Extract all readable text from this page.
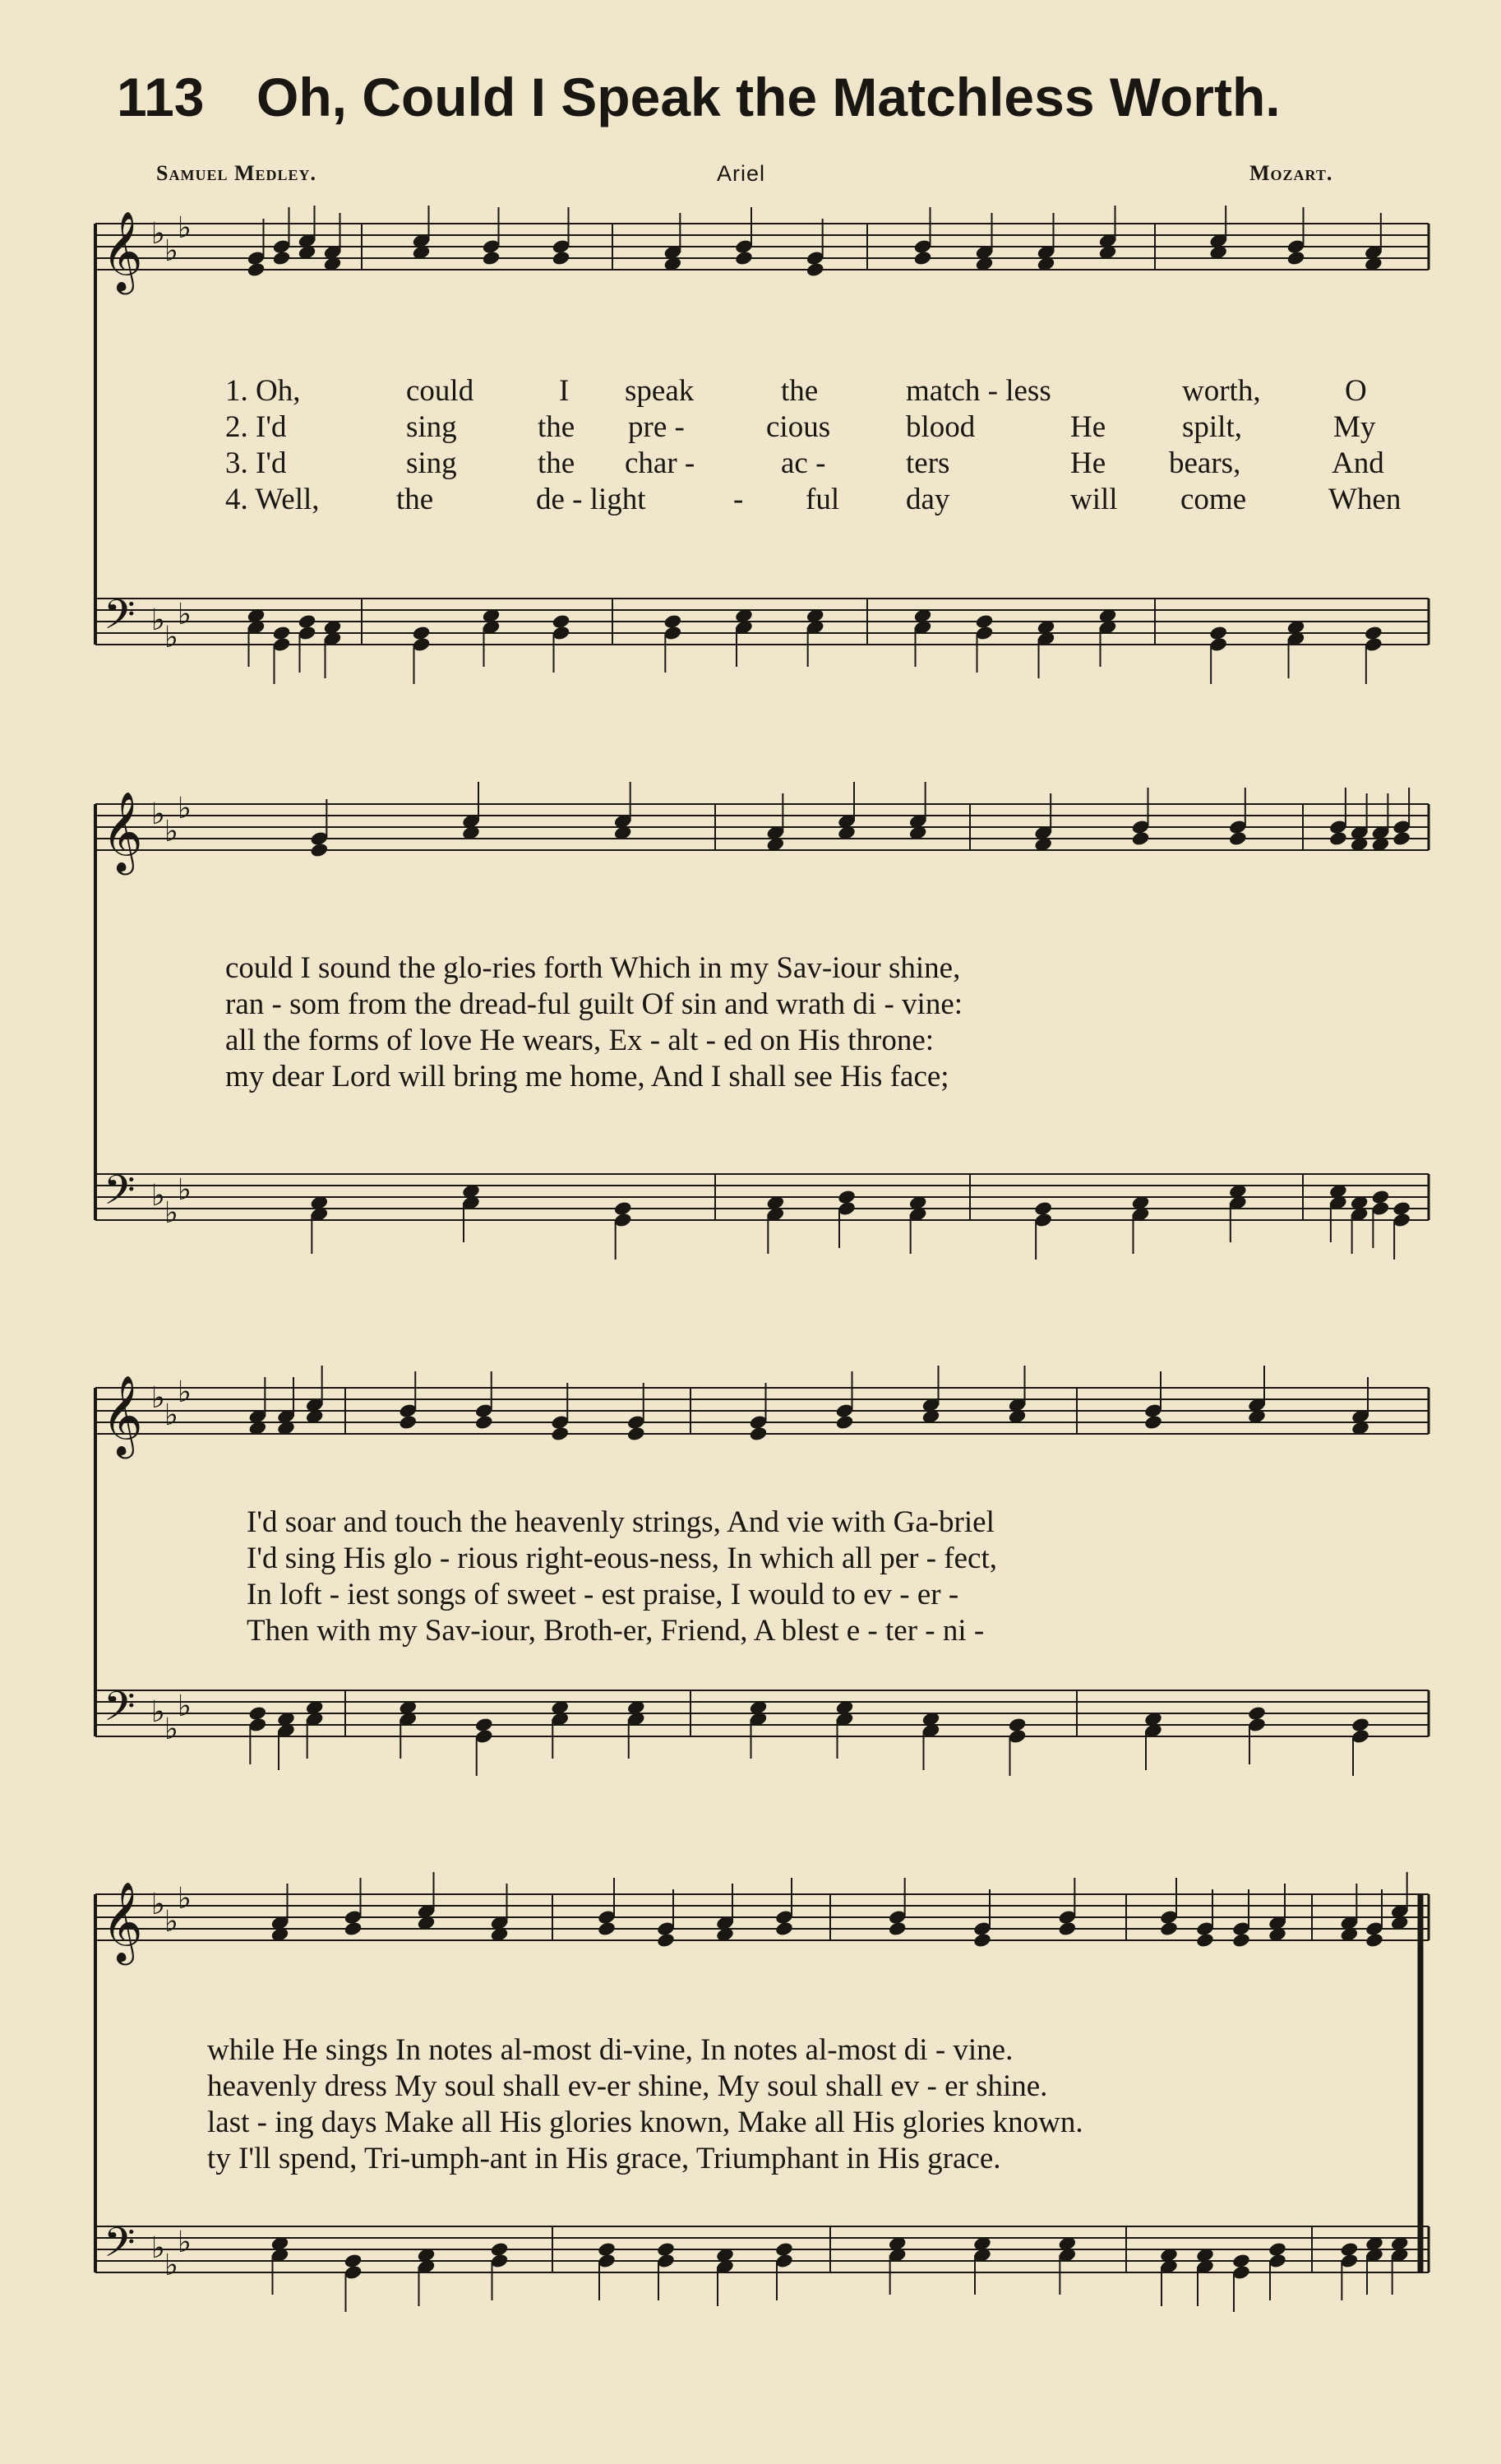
113 Oh, Could I Speak the Matchless Worth.
Samuel Medley.	Ariel	Mozart.
𝄞
𝄢
♭
♭
♭
♭
♭
♭
1. Oh,	could	I speak	the	match - less	worth,	O
2. I'd	sing	the pre -	cious blood	He	spilt,	My
3. I'd	sing	the char -	ac -	ters	He bears,	And
4. Well,	the	de - light	- ful day	will come	When
𝄞
𝄢
♭
♭
♭
♭
♭
♭
could I sound the glo-ries forth Which in my Sav-iour shine,
ran - som from the dread-ful guilt Of sin and wrath di - vine:
all the forms of love He wears, Ex - alt - ed on His throne:
my dear Lord will bring me home, And I shall see His face;
𝄞
𝄢
♭
♭
♭
♭
♭
♭
I'd soar and touch the heavenly strings, And vie with Ga-briel
I'd sing His glo - rious right-eous-ness, In which all per - fect,
In loft - iest songs of sweet - est praise, I would to ev - er -
Then with my Sav-iour, Broth-er, Friend, A blest e - ter - ni -
𝄞
𝄢
♭
♭
♭
♭
♭
♭
while He sings In notes al-most di-vine, In notes al-most di - vine.
heavenly dress My soul shall ev-er shine, My soul shall ev - er shine.
last - ing days Make all His glories known, Make all His glories known.
ty I'll spend, Tri-umph-ant in His grace, Triumphant in His grace.
